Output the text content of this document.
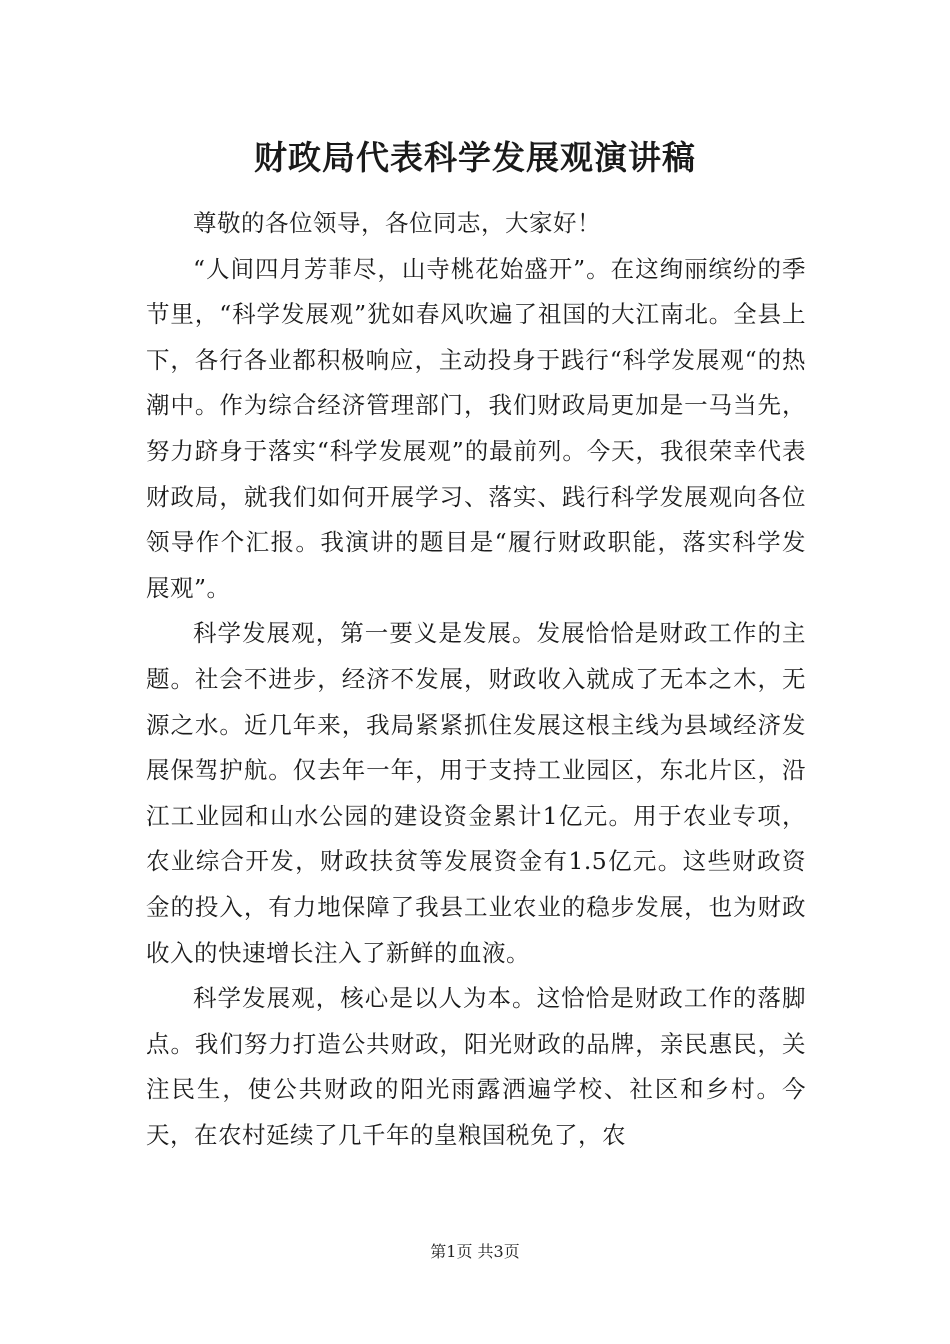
财政局代表科学发展观演讲稿

尊敬的各位领导，各位同志，大家好！

“人间四月芳菲尽，山寺桃花始盛开”。在这绚丽缤纷的季节里，“科学发展观”犹如春风吹遍了祖国的大江南北。全县上下，各行各业都积极响应，主动投身于践行“科学发展观“的热潮中。作为综合经济管理部门，我们财政局更加是一马当先，努力跻身于落实“科学发展观”的最前列。今天，我很荣幸代表财政局，就我们如何开展学习、落实、践行科学发展观向各位领导作个汇报。我演讲的题目是“履行财政职能，落实科学发展观”。

科学发展观，第一要义是发展。发展恰恰是财政工作的主题。社会不进步，经济不发展，财政收入就成了无本之木，无源之水。近几年来，我局紧紧抓住发展这根主线为县域经济发展保驾护航。仅去年一年，用于支持工业园区，东北片区，沿江工业园和山水公园的建设资金累计1亿元。用于农业专项，农业综合开发，财政扶贫等发展资金有1.5亿元。这些财政资金的投入，有力地保障了我县工业农业的稳步发展，也为财政收入的快速增长注入了新鲜的血液。

科学发展观，核心是以人为本。这恰恰是财政工作的落脚点。我们努力打造公共财政，阳光财政的品牌，亲民惠民，关注民生，使公共财政的阳光雨露洒遍学校、社区和乡村。今天，在农村延续了几千年的皇粮国税免了，农

第1页 共3页
